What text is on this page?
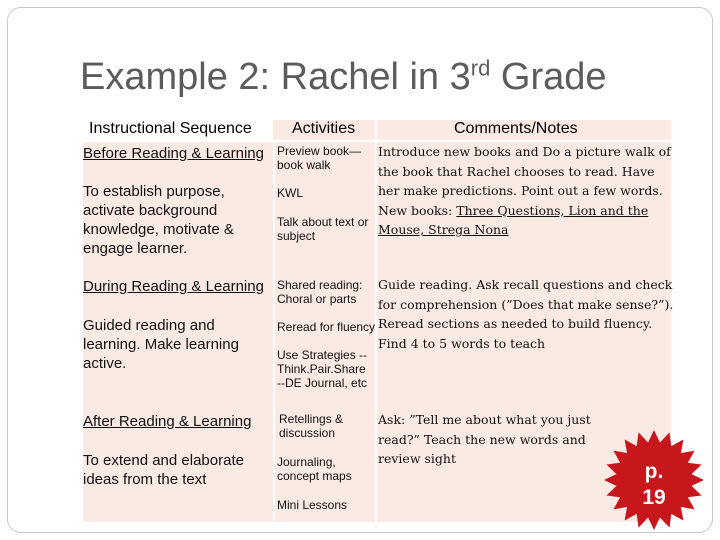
Example 2: Rachel in 3rd Grade
Instructional Sequence	Activities	Comments/Notes
Before Reading & Learning
To establish purpose, activate background knowledge, motivate & engage learner.
Preview book— book walk
KWL
Talk about text or subject
Introduce new books and Do a picture walk of the book that Rachel chooses to read. Have her make predictions. Point out a few words. New books: Three Questions, Lion and the Mouse, Strega Nona
During Reading & Learning
Guided reading and learning. Make learning active.
Shared reading: Choral or parts
Reread for fluency
Use Strategies --Think.Pair.Share --DE Journal, etc
Guide reading. Ask recall questions and check for comprehension (”Does that make sense?”). Reread sections as needed to build fluency. Find 4 to 5 words to teach
After Reading & Learning
To extend and elaborate ideas from the text
Retellings & discussion
Journaling, concept maps
Mini Lessons
Ask: ”Tell me about what you just read?” Teach the new words and review sight
p.
19
